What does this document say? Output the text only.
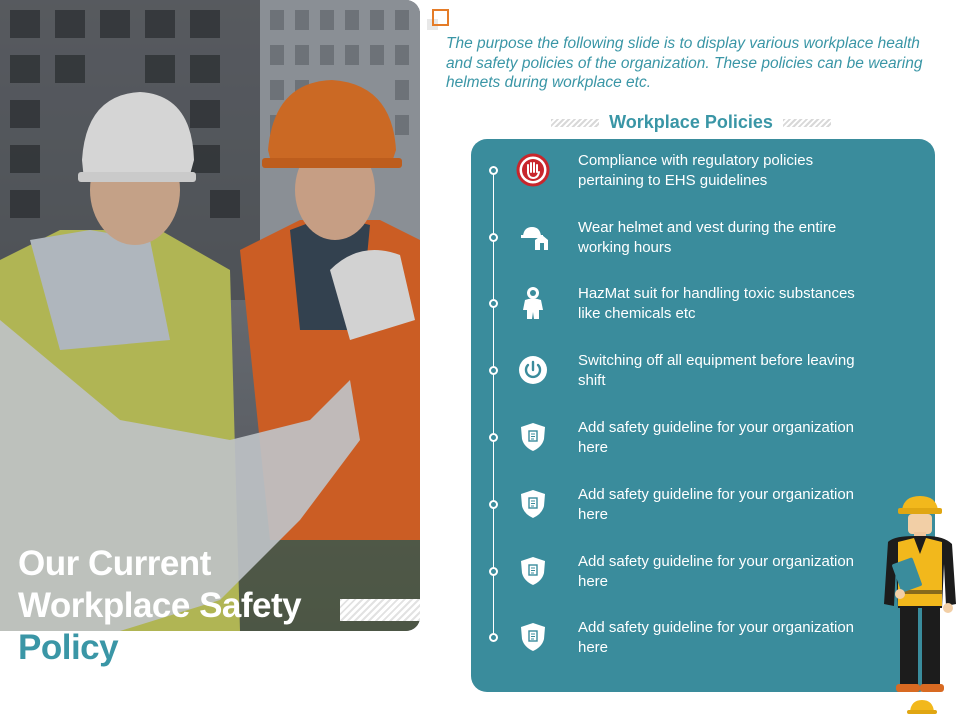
Our Current
Workplace Safety
Policy
The purpose the following slide is to display various workplace health and safety policies of the organization. These policies can be wearing helmets during workplace etc.
Workplace Policies
Compliance with regulatory policies pertaining to EHS guidelines
Wear helmet and vest during the entire working hours
HazMat suit for handling toxic substances like chemicals etc
Switching off all equipment before leaving shift
Add safety guideline for your organization here
Add safety guideline for your organization here
Add safety guideline for your organization here
Add safety guideline for your organization here
